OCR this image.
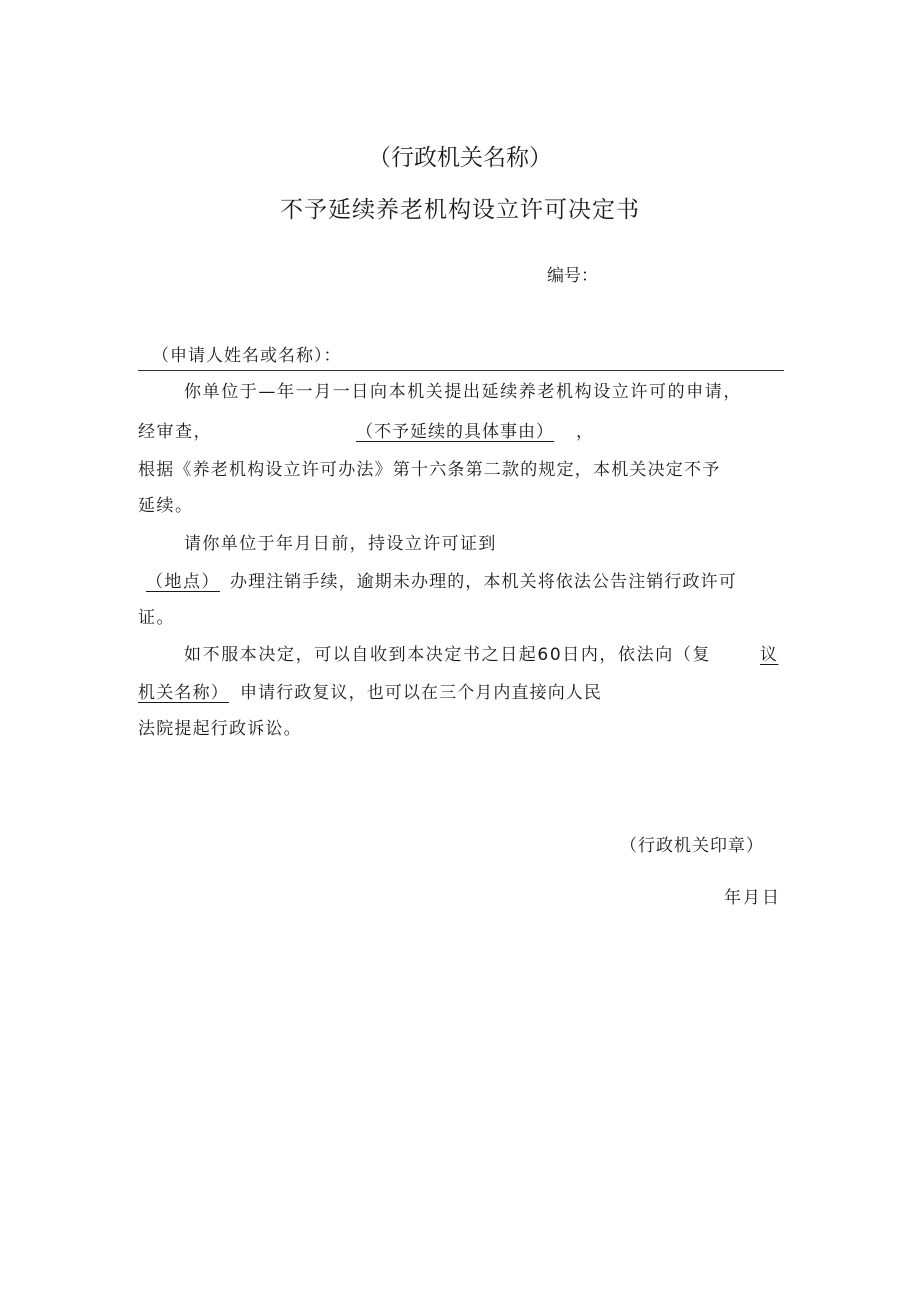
（行政机关名称）
不予延续养老机构设立许可决定书
编号：
（申请人姓名或名称）：
你单位于—年一月一日向本机关提出延续养老机构设立许可的申请，
经审查，	（不予延续的具体事由） ，
根据《养老机构设立许可办法》第十六条第二款的规定，本机关决定不予
延续。
请你单位于年月日前，持设立许可证到
（地点） 办理注销手续，逾期未办理的，本机关将依法公告注销行政许可
证。
如不服本决定，可以自收到本决定书之日起60日内，依法向（复	议
机关名称） 申请行政复议，也可以在三个月内直接向人民
法院提起行政诉讼。
（行政机关印章）
年月日
